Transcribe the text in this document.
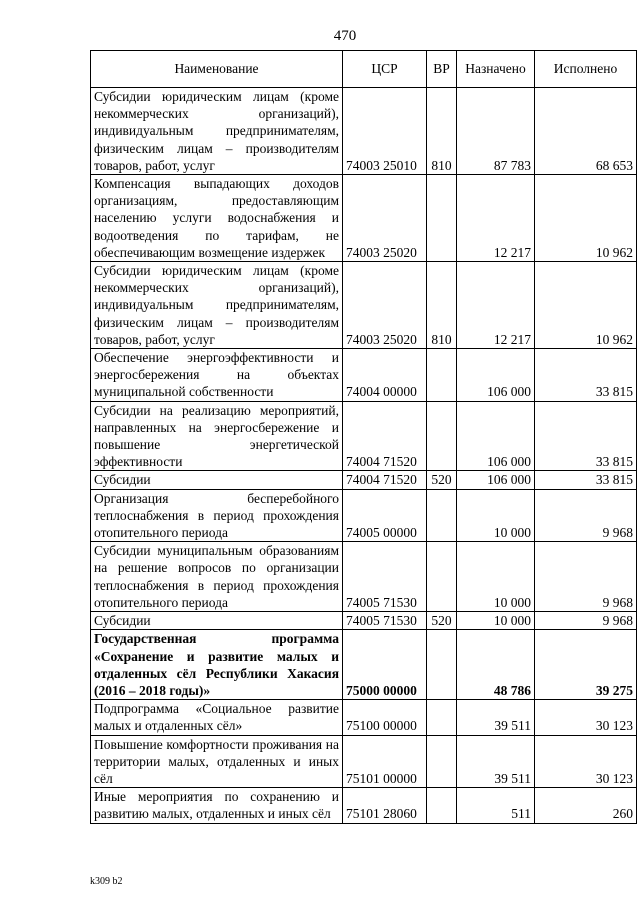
470
Наименование	ЦСР	ВР	Назначено	Исполнено
Субсидии юридическим лицам (кроме некоммерческих организаций), индивидуальным предпринимателям, физическим лицам – производителям товаров, работ, услуг	74003 25010	810	87 783	68 653
Компенсация выпадающих доходов организациям, предоставляющим населению услуги водоснабжения и водоотведения по тарифам, не обеспечивающим возмещение издержек	74003 25020		12 217	10 962
Субсидии юридическим лицам (кроме некоммерческих организаций), индивидуальным предпринимателям, физическим лицам – производителям товаров, работ, услуг	74003 25020	810	12 217	10 962
Обеспечение энергоэффективности и энергосбережения на объектах муниципальной собственности	74004 00000		106 000	33 815
Субсидии на реализацию мероприятий, направленных на энергосбережение и повышение энергетической эффективности	74004 71520		106 000	33 815
Субсидии	74004 71520	520	106 000	33 815
Организация бесперебойного теплоснабжения в период прохождения отопительного периода	74005 00000		10 000	9 968
Субсидии муниципальным образованиям на решение вопросов по организации теплоснабжения в период прохождения отопительного периода	74005 71530		10 000	9 968
Субсидии	74005 71530	520	10 000	9 968
Государственная программа «Сохранение и развитие малых и отдаленных сёл Республики Хакасия (2016 – 2018 годы)»	75000 00000		48 786	39 275
Подпрограмма «Социальное развитие малых и отдаленных сёл»	75100 00000		39 511	30 123
Повышение комфортности проживания на территории малых, отдаленных и иных сёл	75101 00000		39 511	30 123
Иные мероприятия по сохранению и развитию малых, отдаленных и иных сёл	75101 28060		511	260
k309 b2
